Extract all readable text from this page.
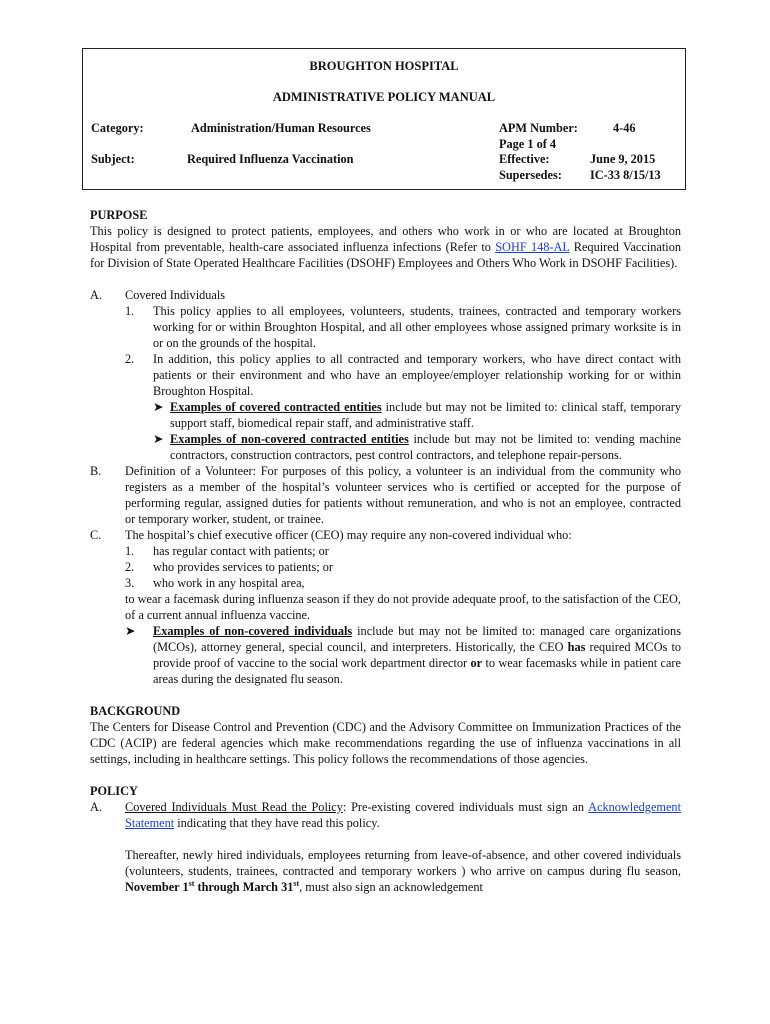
BROUGHTON HOSPITAL
ADMINISTRATIVE POLICY MANUAL
Category:	Administration/Human Resources
Subject:	Required Influenza Vaccination
APM Number:	4-46
Page 1 of 4
Effective:	June 9, 2015
Supersedes: IC-33 8/15/13
PURPOSE
This policy is designed to protect patients, employees, and others who work in or who are located at Broughton Hospital from preventable, health-care associated influenza infections (Refer to SOHF 148-AL Required Vaccination for Division of State Operated Healthcare Facilities (DSOHF) Employees and Others Who Work in DSOHF Facilities).
A. Covered Individuals
1. This policy applies to all employees, volunteers, students, trainees, contracted and temporary workers working for or within Broughton Hospital, and all other employees whose assigned primary worksite is in or on the grounds of the hospital.
2. In addition, this policy applies to all contracted and temporary workers, who have direct contact with patients or their environment and who have an employee/employer relationship working for or within Broughton Hospital.
➤ Examples of covered contracted entities include but may not be limited to: clinical staff, temporary support staff, biomedical repair staff, and administrative staff.
➤ Examples of non-covered contracted entities include but may not be limited to: vending machine contractors, construction contractors, pest control contractors, and telephone repair-persons.
B. Definition of a Volunteer: For purposes of this policy, a volunteer is an individual from the community who registers as a member of the hospital’s volunteer services who is certified or accepted for the purpose of performing regular, assigned duties for patients without remuneration, and who is not an employee, contracted or temporary worker, student, or trainee.
C. The hospital’s chief executive officer (CEO) may require any non-covered individual who:
1. has regular contact with patients; or
2. who provides services to patients; or
3. who work in any hospital area,
to wear a facemask during influenza season if they do not provide adequate proof, to the satisfaction of the CEO, of a current annual influenza vaccine.
➤ Examples of non-covered individuals include but may not be limited to: managed care organizations (MCOs), attorney general, special council, and interpreters. Historically, the CEO has required MCOs to provide proof of vaccine to the social work department director or to wear facemasks while in patient care areas during the designated flu season.
BACKGROUND
The Centers for Disease Control and Prevention (CDC) and the Advisory Committee on Immunization Practices of the CDC (ACIP) are federal agencies which make recommendations regarding the use of influenza vaccinations in all settings, including in healthcare settings. This policy follows the recommendations of those agencies.
POLICY
A. Covered Individuals Must Read the Policy: Pre-existing covered individuals must sign an Acknowledgement Statement indicating that they have read this policy.
Thereafter, newly hired individuals, employees returning from leave-of-absence, and other covered individuals (volunteers, students, trainees, contracted and temporary workers ) who arrive on campus during flu season, November 1st through March 31st, must also sign an acknowledgement
